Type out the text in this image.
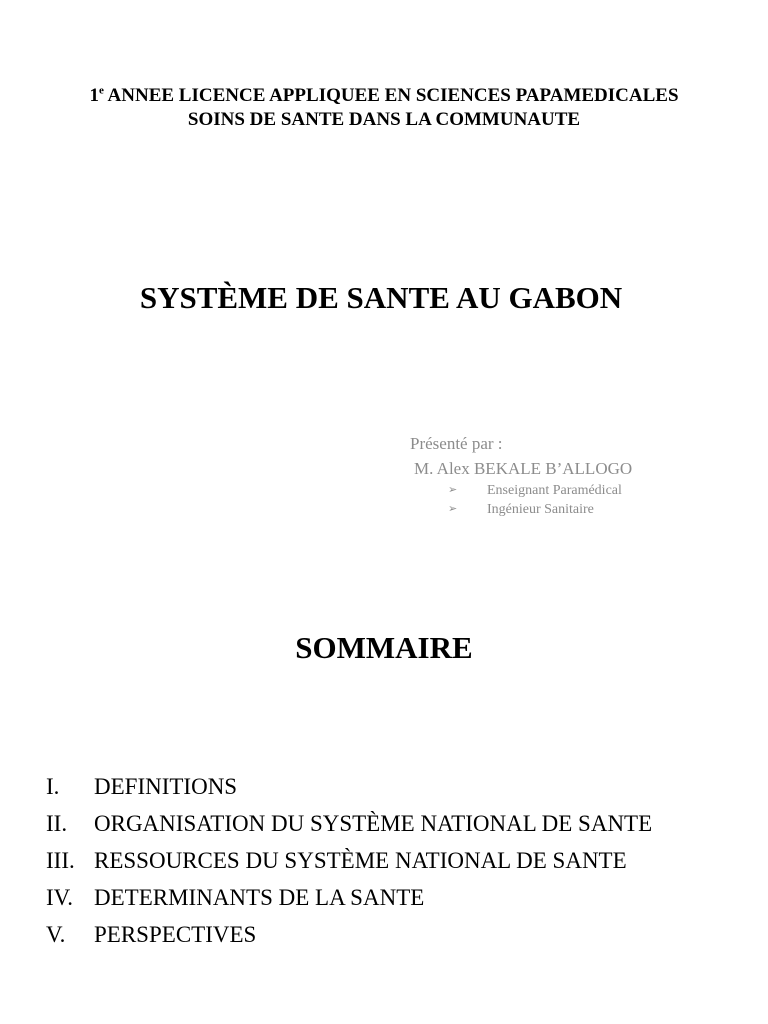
1e ANNEE LICENCE APPLIQUEE EN SCIENCES PAPAMEDICALES
SOINS DE SANTE DANS LA COMMUNAUTE
SYSTÈME DE SANTE AU GABON
Présenté par :
M. Alex BEKALE B’ALLOGO
➢ Enseignant Paramédical
➢ Ingénieur Sanitaire
SOMMAIRE
I. DEFINITIONS
II. ORGANISATION DU SYSTÈME NATIONAL DE SANTE
III. RESSOURCES DU SYSTÈME NATIONAL DE SANTE
IV. DETERMINANTS DE LA SANTE
V. PERSPECTIVES
